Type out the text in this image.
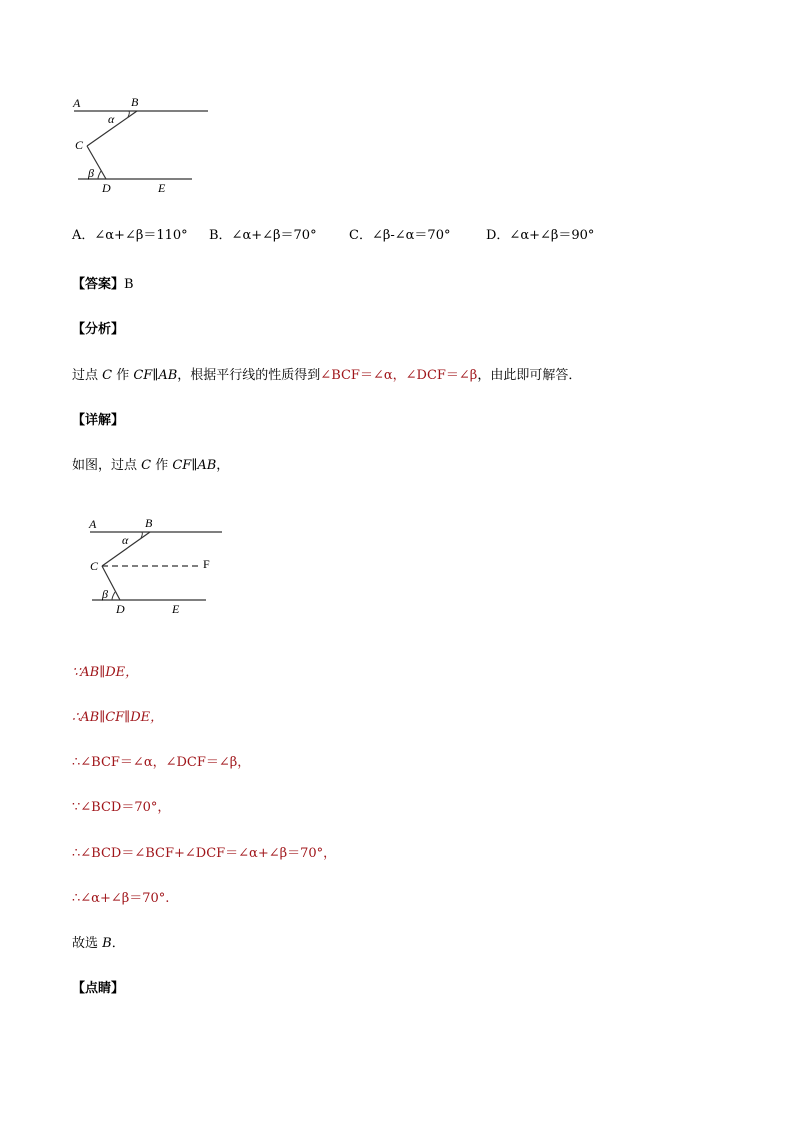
A	B
α
C
β
D	E
A．∠α+∠β＝110° B．∠α+∠β＝70° C．∠β-∠α＝70°	D．∠α+∠β＝90°
【答案】B
【分析】
过点 C 作 CF∥AB，根据平行线的性质得到∠BCF＝∠α，∠DCF＝∠β，由此即可解答．
【详解】
如图，过点 C 作 CF∥AB，
A	B
α
C	F
β
D	E
∵AB∥DE，
∴AB∥CF∥DE，
∴∠BCF＝∠α，∠DCF＝∠β，
∵∠BCD＝70°，
∴∠BCD＝∠BCF+∠DCF＝∠α+∠β＝70°，
∴∠α+∠β＝70°.
故选 B．
【点睛】
